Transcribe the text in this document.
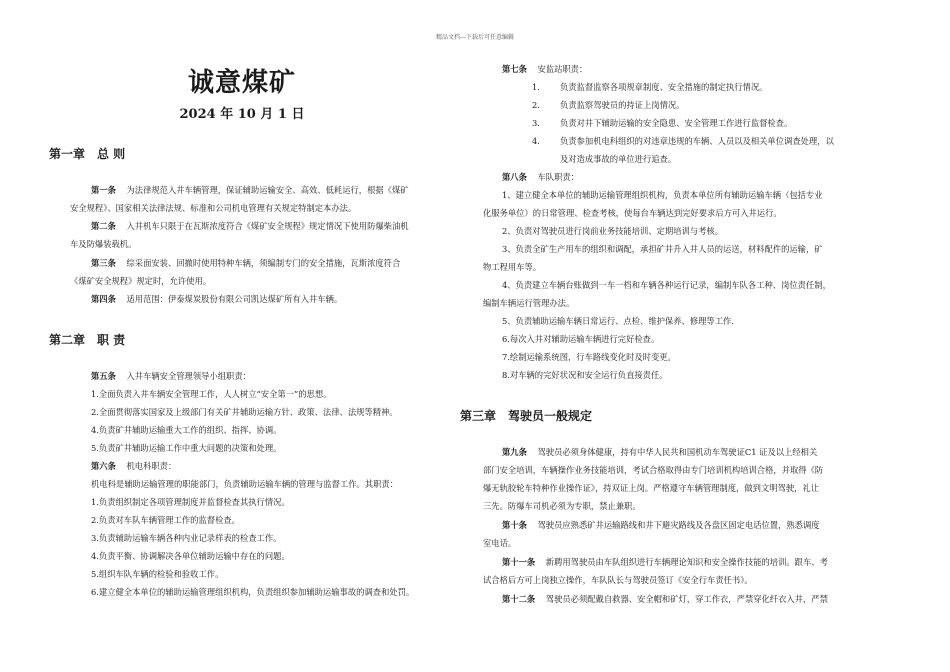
精品文档---下载后可任意编辑
诚意煤矿
2024 年 10 月 1 日
第一章　总 则
第一条 为法律规范入井车辆管理，保证辅助运输安全、高效、低耗运行，根据《煤矿
安全规程》、国家相关法律法规、标准和公司机电管理有关规定特制定本办法。
第二条 入井机车只限于在瓦斯浓度符合《煤矿安全规程》规定情况下使用防爆柴油机
车及防爆装载机。
第三条 综采面安装、回撤时使用特种车辆，须编制专门的安全措施，瓦斯浓度符合
《煤矿安全规程》规定时，允许使用。
第四条 适用范围：伊泰煤炭股份有限公司凯达煤矿所有入井车辆。
第二章　职 责
第五条 入井车辆安全管理领导小组职责：
1.全面负责入井车辆安全管理工作，人人树立“安全第一”的思想。
2.全面贯彻落实国家及上级部门有关矿井辅助运输方针、政策、法律、法规等精神。
4.负责矿井辅助运输重大工作的组织、指挥、协调。
5.负责矿井辅助运输工作中重大问题的决策和处理。
第六条 机电科职责：
机电科是辅助运输管理的职能部门，负责辅助运输车辆的管理与监督工作。其职责：
1.负责组织制定各项管理制度并监督检查其执行情况。
2.负责对车队车辆管理工作的监督检查。
3.负责辅助运输车辆各种内业记录样表的检查工作。
4.负责平衡、协调解决各单位辅助运输中存在的问题。
5.组织车队车辆的检验和验收工作。
6.建立健全本单位的辅助运输管理组织机构，负责组织参加辅助运输事故的调查和处罚。
第七条 安监站职责：
1. 负责监督监察各项规章制度、安全措施的制定执行情况。
2. 负责监察驾驶员的持证上岗情况。
3. 负责对井下辅助运输的安全隐患、安全管理工作进行监督检查。
4. 负责参加机电科组织的对违章违规的车辆、人员以及相关单位调查处理，以
及对造成事故的单位进行追查。
第八条 车队职责：
1、建立健全本单位的辅助运输管理组织机构，负责本单位所有辅助运输车辆（包括专业
化服务单位）的日常管理、检查考核，使每台车辆达到完好要求后方可入井运行。
2、负责对驾驶员进行岗前业务技能培训、定期培训与考核。
3、负责全矿生产用车的组织和调配，承担矿井升入井人员的运送，材料配件的运输，矿
物工程用车等。
4、负责建立车辆台账做到一车一档和车辆各种运行记录，编制车队各工种、岗位责任制，
编制车辆运行管理办法。
5、负责辅助运输车辆日常运行、点检、维护保养、修理等工作.
6.每次入井对辅助运输车辆进行完好检查。
7.绘制运输系统图，行车路线变化时及时变更。
8.对车辆的完好状况和安全运行负直接责任。
第三章　驾驶员一般规定
第九条 驾驶员必须身体健康，持有中华人民共和国机动车驾驶证C1 证及以上经相关
部门安全培训，车辆操作业务技能培训，考试合格取得由专门培训机构培训合格，并取得《防
爆无轨胶轮车特种作业操作证》，持双证上岗。严格遵守车辆管理制度，做到文明驾驶，礼让
三先。防爆车司机必须为专职，禁止兼职。
第十条 驾驶员应熟悉矿井运输路线和井下避灾路线及各盘区固定电话位置，熟悉调度
室电话。
第十一条 新聘用驾驶员由车队组织进行车辆理论知识和安全操作技能的培训。跟车、考
试合格后方可上岗独立操作，车队队长与驾驶员签订《安全行车责任书》。
第十二条 驾驶员必须配戴自救器、安全帽和矿灯，穿工作衣，严禁穿化纤衣入井，严禁
